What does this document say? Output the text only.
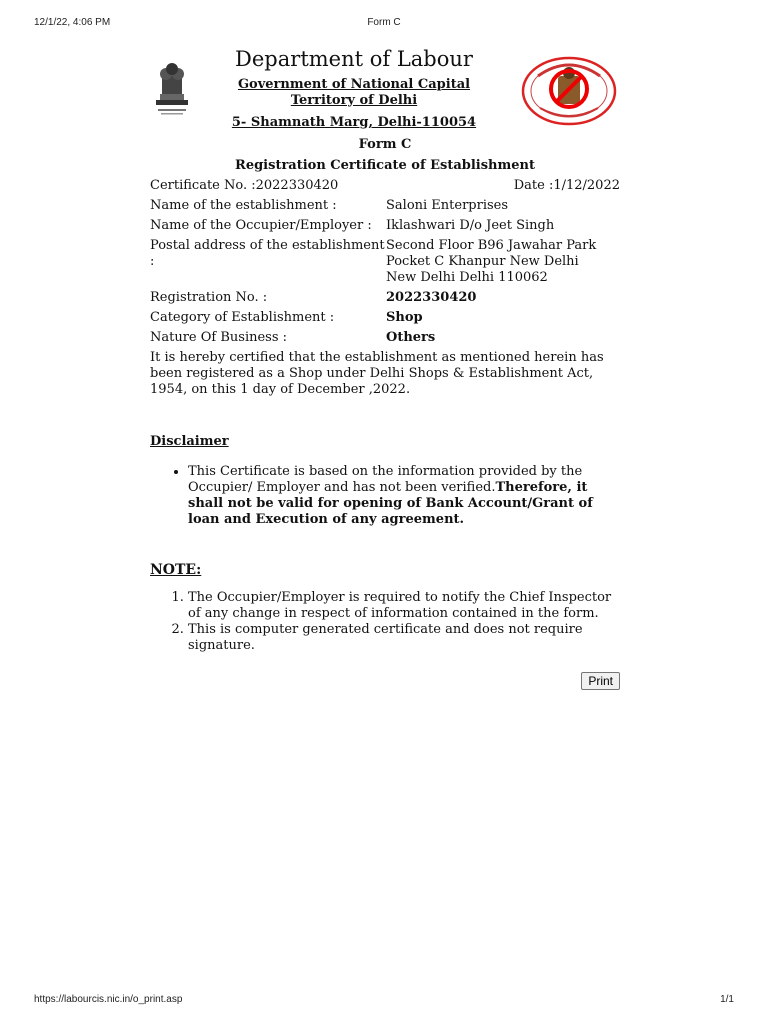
12/1/22, 4:06 PM	Form C
Department of Labour
Government of National Capital Territory of Delhi
5- Shamnath Marg, Delhi-110054
Form C
Registration Certificate of Establishment
Certificate No. :2022330420	Date :1/12/2022
Name of the establishment :	Saloni Enterprises
Name of the Occupier/Employer :	Iklashwari D/o Jeet Singh
Postal address of the establishment :
Second Floor B96 Jawahar Park
Pocket C Khanpur New Delhi
New Delhi Delhi 110062
Registration No. :	2022330420
Category of Establishment :	Shop
Nature Of Business :	Others
It is hereby certified that the establishment as mentioned herein has been registered as a Shop under Delhi Shops & Establishment Act, 1954, on this 1 day of December ,2022.
Disclaimer
• This Certificate is based on the information provided by the Occupier/ Employer and has not been verified.Therefore, it shall not be valid for opening of Bank Account/Grant of loan and Execution of any agreement.
NOTE:
1. The Occupier/Employer is required to notify the Chief Inspector of any change in respect of information contained in the form.
2. This is computer generated certificate and does not require signature.
Print
https://labourcis.nic.in/o_print.asp	1/1
